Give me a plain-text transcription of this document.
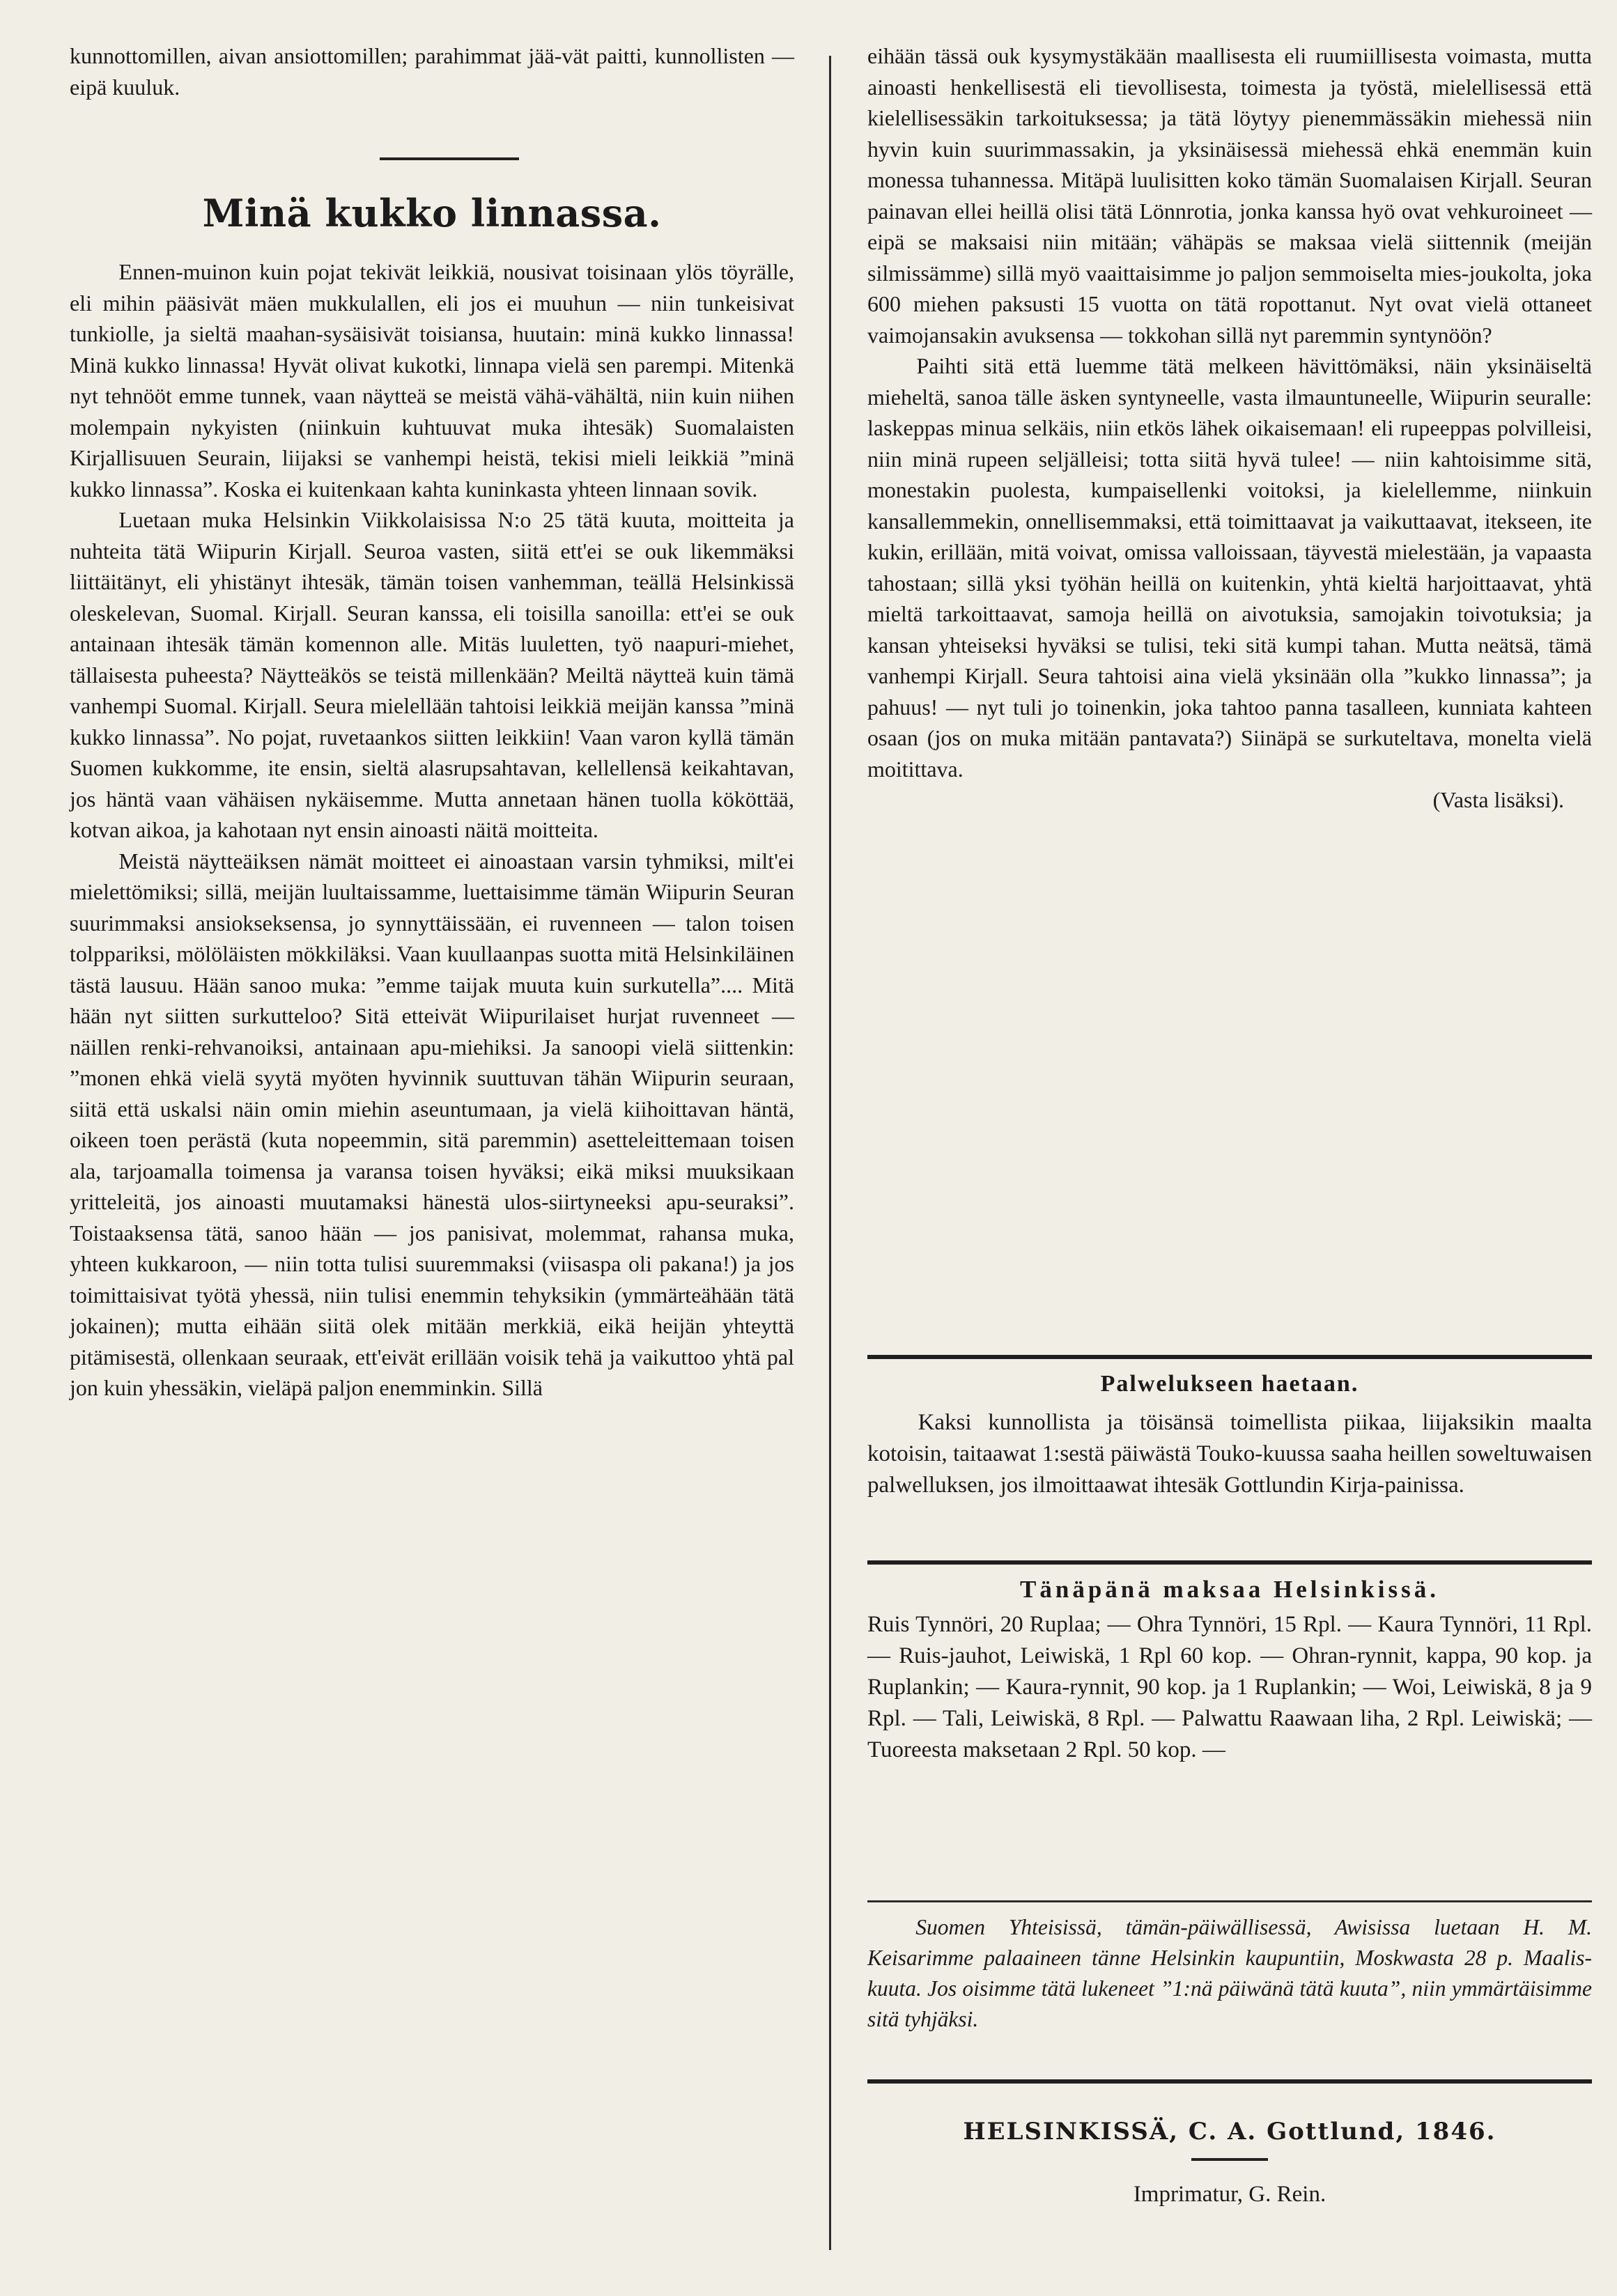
kunnottomillen, aivan ansiottomillen; parahimmat jää-vät paitti, kunnollisten — eipä kuuluk.

Minä kukko linnassa.

Ennen-muinon kuin pojat tekivät leikkiä, nousivat toisinaan ylös töyrälle, eli mihin pääsivät mäen mukkulallen, eli jos ei muuhun — niin tunkeisivat tunkiolle, ja sieltä maahan-sysäisivät toisiansa, huutain: minä kukko linnassa! Minä kukko linnassa! Hyvät olivat kukotki, linnapa vielä sen parempi. Mitenkä nyt tehnööt emme tunnek, vaan näytteä se meistä vähä-vähältä, niin kuin niihen molempain nykyisten (niinkuin kuhtuuvat muka ihtesäk) Suomalaisten Kirjallisuuen Seurain, liijaksi se vanhempi heistä, tekisi mieli leikkiä ”minä kukko linnassa”. Koska ei kuitenkaan kahta kuninkasta yhteen linnaan sovik.

Luetaan muka Helsinkin Viikkolaisissa N:o 25 tätä kuuta, moitteita ja nuhteita tätä Wiipurin Kirjall. Seuroa vasten, siitä ett'ei se ouk likemmäksi liittäitänyt, eli yhistänyt ihtesäk, tämän toisen vanhemman, teällä Helsinkissä oleskelevan, Suomal. Kirjall. Seuran kanssa, eli toisilla sanoilla: ett'ei se ouk antainaan ihtesäk tämän komennon alle. Mitäs luuletten, työ naapuri-miehet, tällaisesta puheesta? Näytteäkös se teistä millenkään? Meiltä näytteä kuin tämä vanhempi Suomal. Kirjall. Seura mielellään tahtoisi leikkiä meijän kanssa ”minä kukko linnassa”. No pojat, ruvetaankos siitten leikkiin! Vaan varon kyllä tämän Suomen kukkomme, ite ensin, sieltä alasrupsahtavan, kellellensä keikahtavan, jos häntä vaan vähäisen nykäisemme. Mutta annetaan hänen tuolla kököttää, kotvan aikoa, ja kahotaan nyt ensin ainoasti näitä moitteita.

Meistä näytteäiksen nämät moitteet ei ainoastaan varsin tyhmiksi, milt'ei mielettömiksi; sillä, meijän luultaissamme, luettaisimme tämän Wiipurin Seuran suurimmaksi ansiokseksensa, jo synnyttäissään, ei ruvenneen — talon toisen tolppariksi, mölöläisten mökkiläksi. Vaan kuullaanpas suotta mitä Helsinkiläinen tästä lausuu. Hään sanoo muka: ”emme taijak muuta kuin surkutella”.... Mitä hään nyt siitten surkutteloo? Sitä etteivät Wiipurilaiset hurjat ruvenneet — näillen renki-rehvanoiksi, antainaan apu-miehiksi. Ja sanoopi vielä siittenkin: ”monen ehkä vielä syytä myöten hyvinnik suuttuvan tähän Wiipurin seuraan, siitä että uskalsi näin omin miehin aseuntumaan, ja vielä kiihoittavan häntä, oikeen toen perästä (kuta nopeemmin, sitä paremmin) asetteleittemaan toisen ala, tarjoamalla toimensa ja varansa toisen hyväksi; eikä miksi muuksikaan yritteleitä, jos ainoasti muutamaksi hänestä ulos-siirtyneeksi apu-seuraksi”. Toistaaksensa tätä, sanoo hään — jos panisivat, molemmat, rahansa muka, yhteen kukkaroon, — niin totta tulisi suuremmaksi (viisaspa oli pakana!) ja jos toimittaisivat työtä yhessä, niin tulisi enemmin tehyksikin (ymmärteähään tätä jokainen); mutta eihään siitä olek mitään merkkiä, eikä heijän yhteyttä pitämisestä, ollenkaan seuraak, ett'eivät erillään voisik tehä ja vaikuttoo yhtä pal jon kuin yhessäkin, vieläpä paljon enemminkin. Sillä

eihään tässä ouk kysymystäkään maallisesta eli ruumiillisesta voimasta, mutta ainoasti henkellisestä eli tievollisesta, toimesta ja työstä, mielellisessä että kielellisessäkin tarkoituksessa; ja tätä löytyy pienemmässäkin miehessä niin hyvin kuin suurimmassakin, ja yksinäisessä miehessä ehkä enemmän kuin monessa tuhannessa. Mitäpä luulisitten koko tämän Suomalaisen Kirjall. Seuran painavan ellei heillä olisi tätä Lönnrotia, jonka kanssa hyö ovat vehkuroineet — eipä se maksaisi niin mitään; vähäpäs se maksaa vielä siittennik (meijän silmissämme) sillä myö vaaittaisimme jo paljon semmoiselta mies-joukolta, joka 600 miehen paksusti 15 vuotta on tätä ropottanut. Nyt ovat vielä ottaneet vaimojansakin avuksensa — tokkohan sillä nyt paremmin syntynöön?

Paihti sitä että luemme tätä melkeen hävittömäksi, näin yksinäiseltä mieheltä, sanoa tälle äsken syntyneelle, vasta ilmauntuneelle, Wiipurin seuralle: laskeppas minua selkäis, niin etkös lähek oikaisemaan! eli rupeeppas polvilleisi, niin minä rupeen seljälleisi; totta siitä hyvä tulee! — niin kahtoisimme sitä, monestakin puolesta, kumpaisellenki voitoksi, ja kielellemme, niinkuin kansallemmekin, onnellisemmaksi, että toimittaavat ja vaikuttaavat, itekseen, ite kukin, erillään, mitä voivat, omissa valloissaan, täyvestä mielestään, ja vapaasta tahostaan; sillä yksi työhän heillä on kuitenkin, yhtä kieltä harjoittaavat, yhtä mieltä tarkoittaavat, samoja heillä on aivotuksia, samojakin toivotuksia; ja kansan yhteiseksi hyväksi se tulisi, teki sitä kumpi tahan. Mutta neätsä, tämä vanhempi Kirjall. Seura tahtoisi aina vielä yksinään olla ”kukko linnassa”; ja pahuus! — nyt tuli jo toinenkin, joka tahtoo panna tasalleen, kunniata kahteen osaan (jos on muka mitään pantavata?) Siinäpä se surkuteltava, monelta vielä moitittava.

(Vasta lisäksi).

Palwelukseen haetaan.

Kaksi kunnollista ja töisänsä toimellista piikaa, liijaksikin maalta kotoisin, taitaawat 1:sestä päiwästä Touko-kuussa saaha heillen soweltuwaisen palwelluksen, jos ilmoittaawat ihtesäk Gottlundin Kirja-painissa.

Tänäpänä maksaa Helsinkissä.

Ruis Tynnöri, 20 Ruplaa; — Ohra Tynnöri, 15 Rpl. — Kaura Tynnöri, 11 Rpl. — Ruis-jauhot, Leiwiskä, 1 Rpl 60 kop. — Ohran-rynnit, kappa, 90 kop. ja Ruplankin; — Kaura-rynnit, 90 kop. ja 1 Ruplankin; — Woi, Leiwiskä, 8 ja 9 Rpl. — Tali, Leiwiskä, 8 Rpl. — Palwattu Raawaan liha, 2 Rpl. Leiwiskä; — Tuoreesta maksetaan 2 Rpl. 50 kop. —

Suomen Yhteisissä, tämän-päiwällisessä, Awisissa luetaan H. M. Keisarimme palaaineen tänne Helsinkin kaupuntiin, Moskwasta 28 p. Maalis-kuuta. Jos oisimme tätä lukeneet ”1:nä päiwänä tätä kuuta”, niin ymmärtäisimme sitä tyhjäksi.

HELSINKISSÄ, C. A. Gottlund, 1846.

Imprimatur, G. Rein.
